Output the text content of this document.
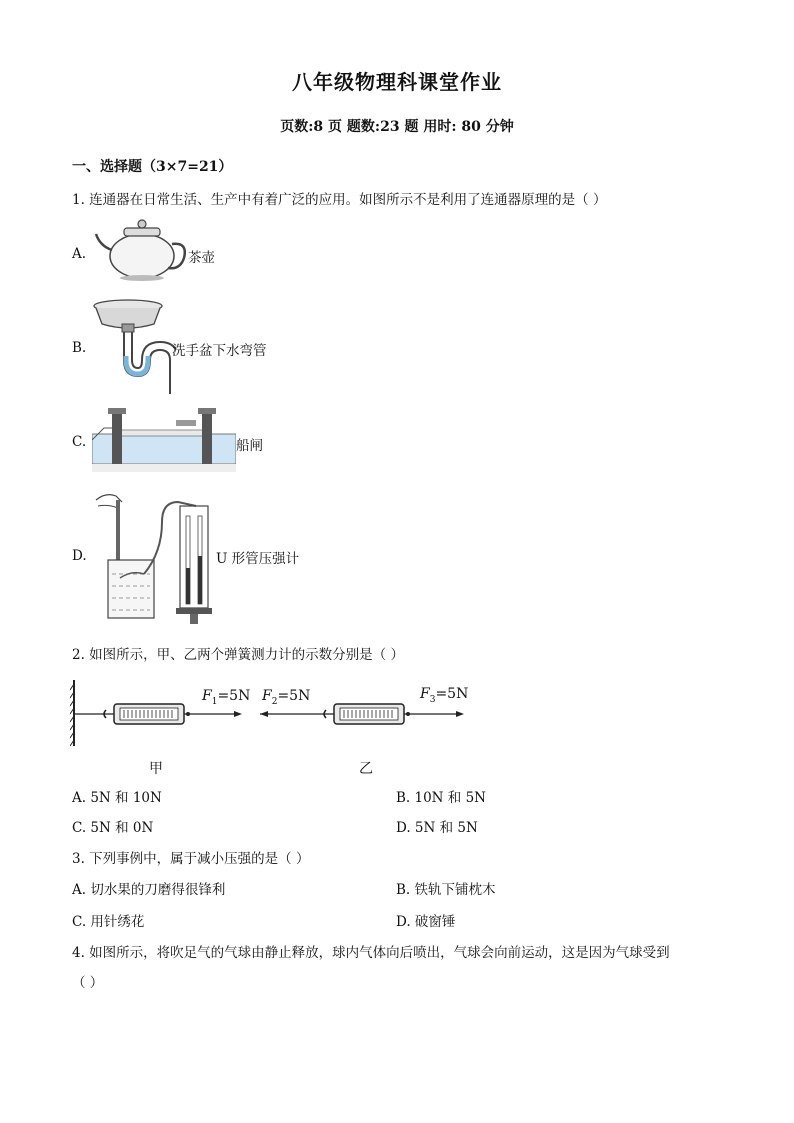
八年级物理科课堂作业
页数:8 页 题数:23 题 用时: 80 分钟
一、选择题（3×7=21）
1. 连通器在日常生活、生产中有着广泛的应用。如图所示不是利用了连通器原理的是（ ）
A.	茶壶
B.	洗手盆下水弯管
C.	船闸
D.	U 形管压强计
2. 如图所示，甲、乙两个弹簧测力计的示数分别是（ ）
$F_1=5N$ $F_2=5N$	$F_3=5N$
甲	乙
A. 5N 和 10N	B. 10N 和 5N
C. 5N 和 0N	D. 5N 和 5N
3. 下列事例中，属于减小压强的是（ ）
A. 切水果的刀磨得很锋利	B. 铁轨下铺枕木
C. 用针绣花	D. 破窗锤
4. 如图所示，将吹足气的气球由静止释放，球内气体向后喷出，气球会向前运动，这是因为气球受到
（ ）
